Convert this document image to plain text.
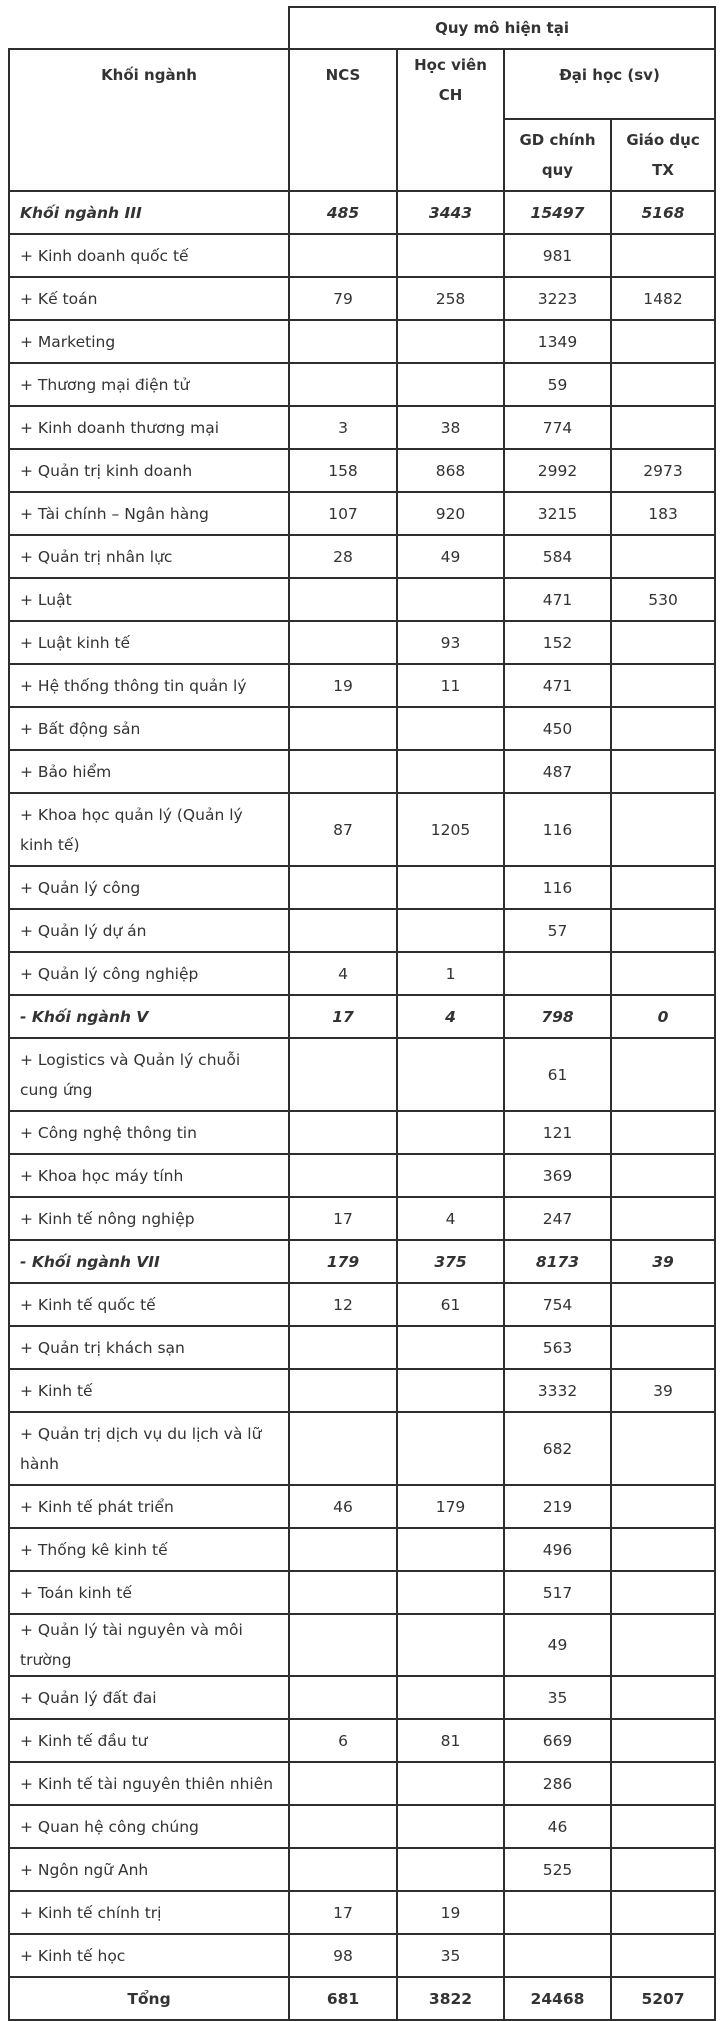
	Quy mô hiện tại			
Khối ngành	NCS	Học viên CH	Đại học (sv)	
			GD chính quy	Giáo dục TX
Khối ngành III	485	3443	15497	5168
+ Kinh doanh quốc tế			981	
+ Kế toán	79	258	3223	1482
+ Marketing			1349	
+ Thương mại điện tử			59	
+ Kinh doanh thương mại	3	38	774	
+ Quản trị kinh doanh	158	868	2992	2973
+ Tài chính – Ngân hàng	107	920	3215	183
+ Quản trị nhân lực	28	49	584	
+ Luật			471	530
+ Luật kinh tế		93	152	
+ Hệ thống thông tin quản lý	19	11	471	
+ Bất động sản			450	
+ Bảo hiểm			487	
+ Khoa học quản lý (Quản lý kinh tế)	87	1205	116	
+ Quản lý công			116	
+ Quản lý dự án			57	
+ Quản lý công nghiệp	4	1		
- Khối ngành V	17	4	798	0
+ Logistics và Quản lý chuỗi cung ứng			61	
+ Công nghệ thông tin			121	
+ Khoa học máy tính			369	
+ Kinh tế nông nghiệp	17	4	247	
- Khối ngành VII	179	375	8173	39
+ Kinh tế quốc tế	12	61	754	
+ Quản trị khách sạn			563	
+ Kinh tế			3332	39
+ Quản trị dịch vụ du lịch và lữ hành			682	
+ Kinh tế phát triển	46	179	219	
+ Thống kê kinh tế			496	
+ Toán kinh tế			517	
+ Quản lý tài nguyên và môi trường			49	
+ Quản lý đất đai			35	
+ Kinh tế đầu tư	6	81	669	
+ Kinh tế tài nguyên thiên nhiên			286	
+ Quan hệ công chúng			46	
+ Ngôn ngữ Anh			525	
+ Kinh tế chính trị	17	19		
+ Kinh tế học	98	35		
Tổng	681	3822	24468	5207
